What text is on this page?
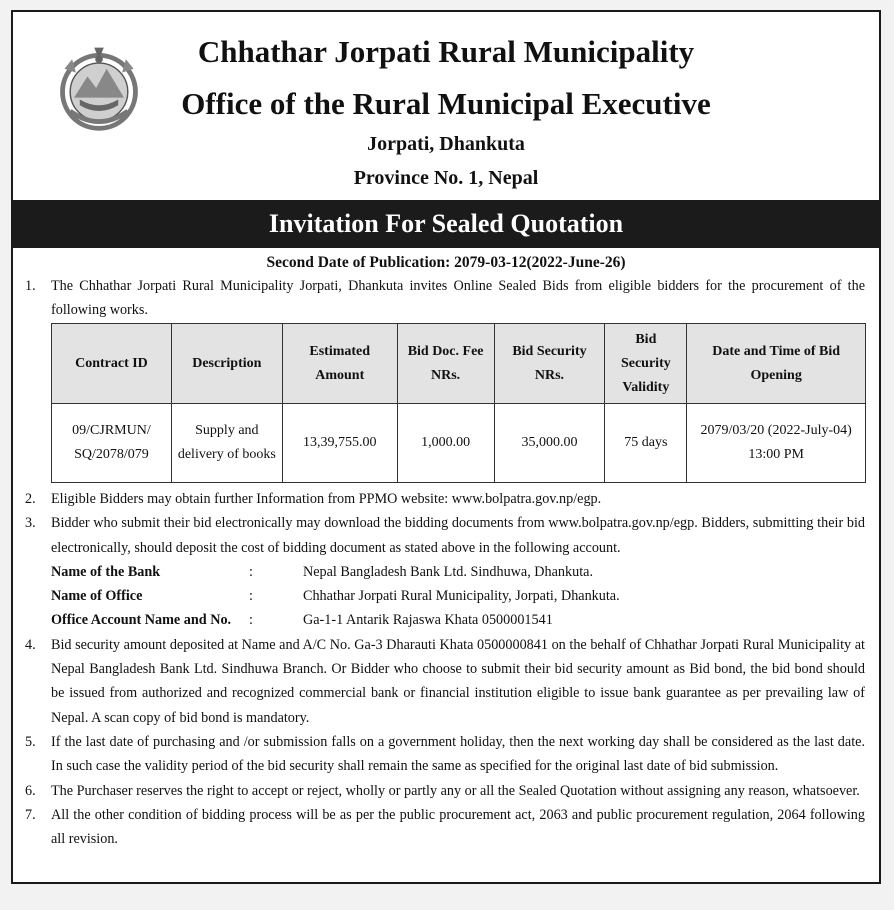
Chhathar Jorpati Rural Municipality
Office of the Rural Municipal Executive
Jorpati, Dhankuta
Province No. 1, Nepal
Invitation For Sealed Quotation
Second Date of Publication: 2079-03-12(2022-June-26)
1.	The Chhathar Jorpati Rural Municipality Jorpati, Dhankuta invites Online Sealed Bids from eligible bidders for the procurement of the following works.
Contract ID	Description	Estimated Amount	Bid Doc. Fee NRs.	Bid Security NRs.	Bid Security Validity	Date and Time of Bid Opening
09/CJRMUN/ SQ/2078/079	Supply and delivery of books	13,39,755.00	1,000.00	35,000.00	75 days	2079/03/20 (2022-July-04) 13:00 PM
2.	Eligible Bidders may obtain further Information from PPMO website: www.bolpatra.gov.np/egp.
3.	Bidder who submit their bid electronically may download the bidding documents from www.bolpatra.gov.np/egp. Bidders, submitting their bid electronically, should deposit the cost of bidding document as stated above in the following account.
Name of the Bank	:	Nepal Bangladesh Bank Ltd. Sindhuwa, Dhankuta.
Name of Office	:	Chhathar Jorpati Rural Municipality, Jorpati, Dhankuta.
Office Account Name and No.	:	Ga-1-1 Antarik Rajaswa Khata 0500001541
4.	Bid security amount deposited at Name and A/C No. Ga-3 Dharauti Khata 0500000841 on the behalf of Chhathar Jorpati Rural Municipality at Nepal Bangladesh Bank Ltd. Sindhuwa Branch. Or Bidder who choose to submit their bid security amount as Bid bond, the bid bond should be issued from authorized and recognized commercial bank or financial institution eligible to issue bank guarantee as per prevailing law of Nepal. A scan copy of bid bond is mandatory.
5.	If the last date of purchasing and /or submission falls on a government holiday, then the next working day shall be considered as the last date. In such case the validity period of the bid security shall remain the same as specified for the original last date of bid submission.
6.	The Purchaser reserves the right to accept or reject, wholly or partly any or all the Sealed Quotation without assigning any reason, whatsoever.
7.	All the other condition of bidding process will be as per the public procurement act, 2063 and public procurement regulation, 2064 following all revision.
